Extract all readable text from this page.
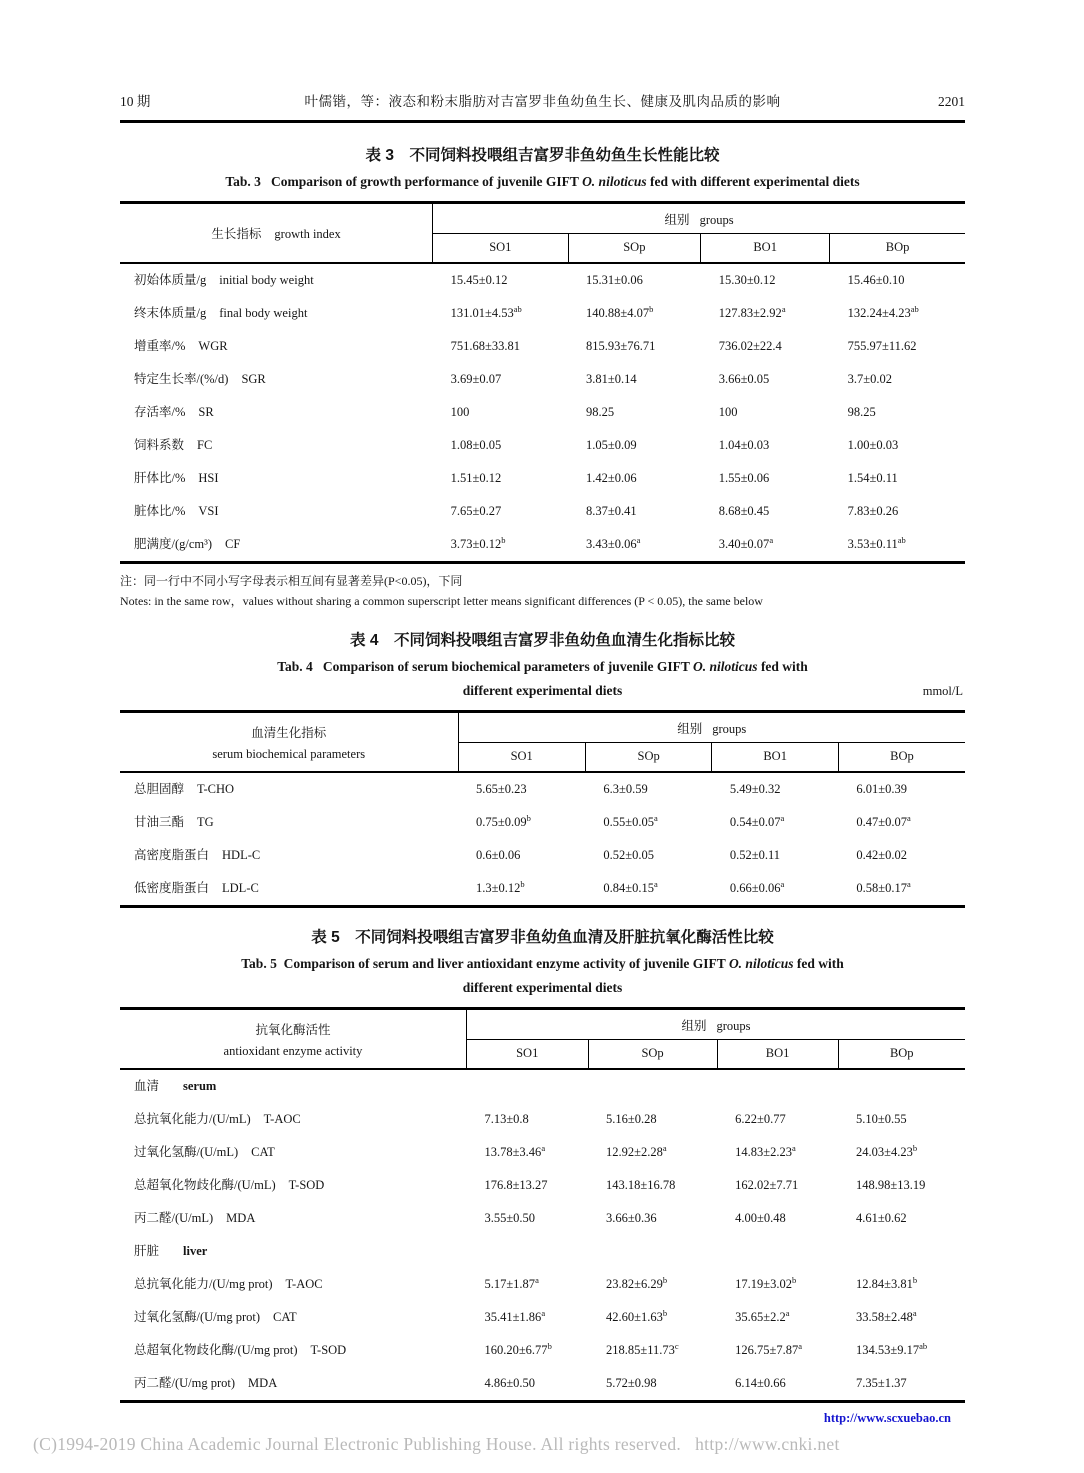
10 期	叶儒锴，等：液态和粉末脂肪对吉富罗非鱼幼鱼生长、健康及肌肉品质的影响	2201
表 3　不同饲料投喂组吉富罗非鱼幼鱼生长性能比较
Tab. 3   Comparison of growth performance of juvenile GIFT O. niloticus fed with different experimental diets
生长指标 growth index	组别 groups			
	SO1	SOp	BO1	BOp
初始体质量/g initial body weight	15.45±0.12	15.31±0.06	15.30±0.12	15.46±0.10
终末体质量/g final body weight	131.01±4.53$^{ab}$	140.88±4.07$^b$	127.83±2.92$^a$	132.24±4.23$^{ab}$
增重率/% WGR	751.68±33.81	815.93±76.71	736.02±22.4	755.97±11.62
特定生长率/(%/d) SGR	3.69±0.07	3.81±0.14	3.66±0.05	3.7±0.02
存活率/% SR	100	98.25	100	98.25
饲料系数 FC	1.08±0.05	1.05±0.09	1.04±0.03	1.00±0.03
肝体比/% HSI	1.51±0.12	1.42±0.06	1.55±0.06	1.54±0.11
脏体比/% VSI	7.65±0.27	8.37±0.41	8.68±0.45	7.83±0.26
肥满度/(g/cm³) CF	3.73±0.12$^b$	3.43±0.06$^a$	3.40±0.07$^a$	3.53±0.11$^{ab}$
注：同一行中不同小写字母表示相互间有显著差异(P<0.05)，下同
Notes: in the same row，values without sharing a common superscript letter means significant differences (P < 0.05), the same below
表 4　不同饲料投喂组吉富罗非鱼幼鱼血清生化指标比较
Tab. 4   Comparison of serum biochemical parameters of juvenile GIFT O. niloticus fed with
different experimental diets	mmol/L
血清生化指标
serum biochemical parameters	组别 groups			
	SO1	SOp	BO1	BOp
总胆固醇 T-CHO	5.65±0.23	6.3±0.59	5.49±0.32	6.01±0.39
甘油三酯 TG	0.75±0.09$^b$	0.55±0.05$^a$	0.54±0.07$^a$	0.47±0.07$^a$
高密度脂蛋白 HDL-C	0.6±0.06	0.52±0.05	0.52±0.11	0.42±0.02
低密度脂蛋白 LDL-C	1.3±0.12$^b$	0.84±0.15$^a$	0.66±0.06$^a$	0.58±0.17$^a$
表 5　不同饲料投喂组吉富罗非鱼幼鱼血清及肝脏抗氧化酶活性比较
Tab. 5  Comparison of serum and liver antioxidant enzyme activity of juvenile GIFT O. niloticus fed with
different experimental diets
抗氧化酶活性
antioxidant enzyme activity	组别 groups			
	SO1	SOp	BO1	BOp
血清 serum				
总抗氧化能力/(U/mL) T-AOC	7.13±0.8	5.16±0.28	6.22±0.77	5.10±0.55
过氧化氢酶/(U/mL) CAT	13.78±3.46$^a$	12.92±2.28$^a$	14.83±2.23$^a$	24.03±4.23$^b$
总超氧化物歧化酶/(U/mL) T-SOD	176.8±13.27	143.18±16.78	162.02±7.71	148.98±13.19
丙二醛/(U/mL) MDA	3.55±0.50	3.66±0.36	4.00±0.48	4.61±0.62
肝脏 liver				
总抗氧化能力/(U/mg prot) T-AOC	5.17±1.87$^a$	23.82±6.29$^b$	17.19±3.02$^b$	12.84±3.81$^b$
过氧化氢酶/(U/mg prot) CAT	35.41±1.86$^a$	42.60±1.63$^b$	35.65±2.2$^a$	33.58±2.48$^a$
总超氧化物歧化酶/(U/mg prot) T-SOD	160.20±6.77$^b$	218.85±11.73$^c$	126.75±7.87$^a$	134.53±9.17$^{ab}$
丙二醛/(U/mg prot) MDA	4.86±0.50	5.72±0.98	6.14±0.66	7.35±1.37
http://www.scxuebao.cn
(C)1994-2019 China Academic Journal Electronic Publishing House. All rights reserved.   http://www.cnki.net
